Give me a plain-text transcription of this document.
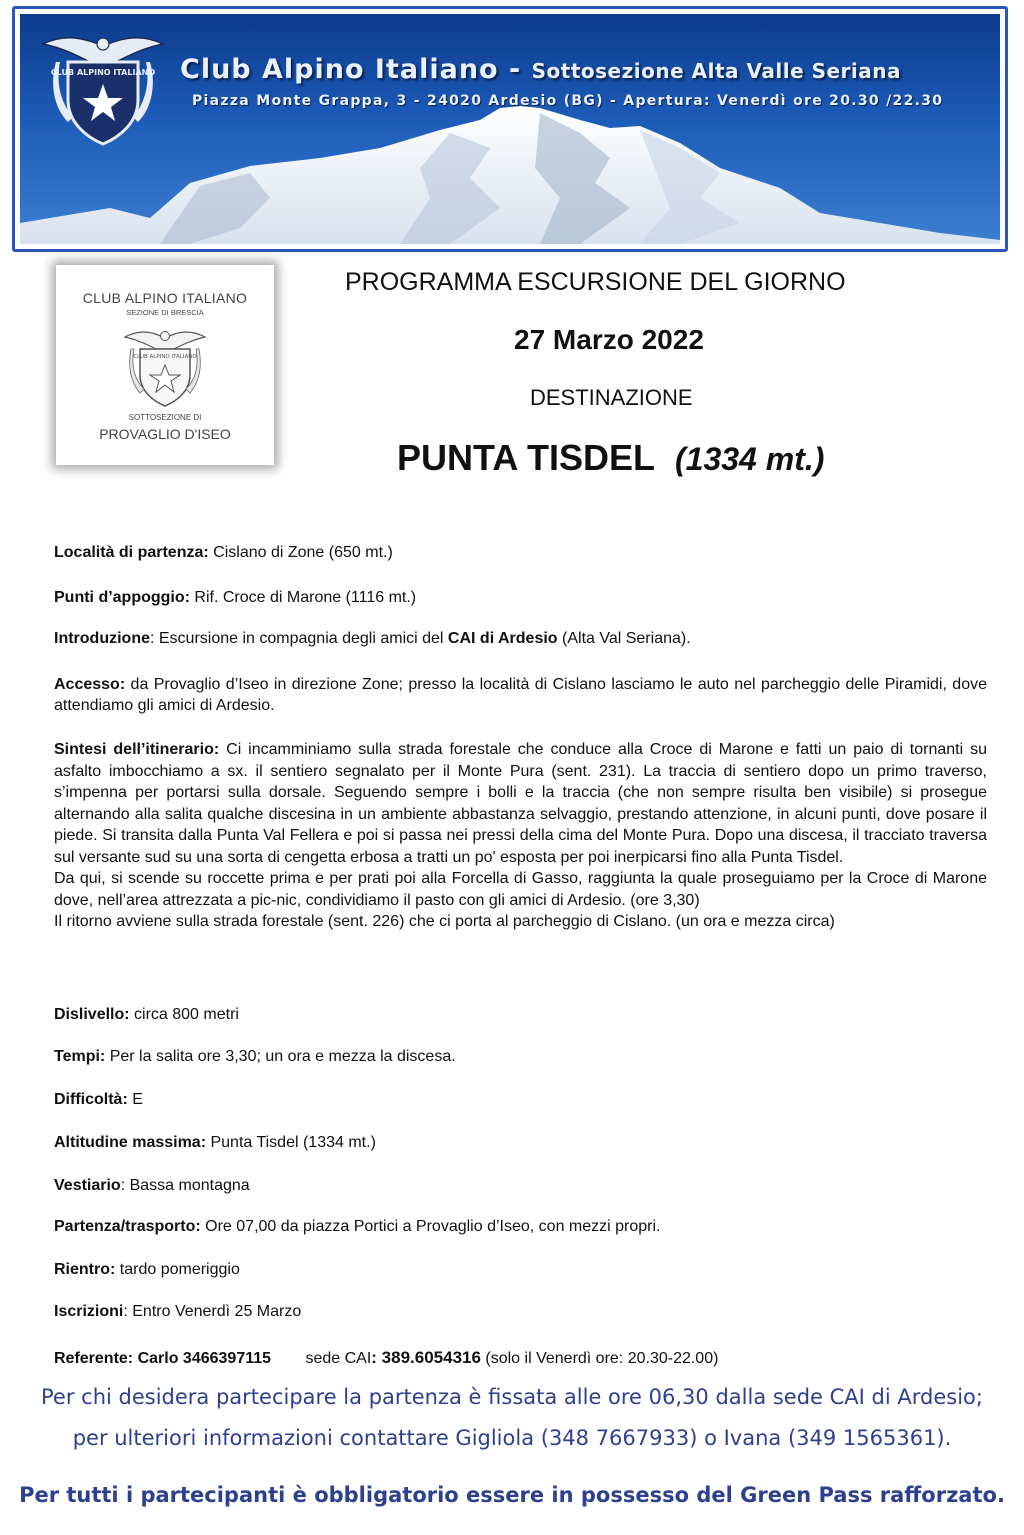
CLUB ALPINO ITALIANO Club Alpino Italiano - Sottosezione Alta Valle Seriana
Piazza Monte Grappa, 3 - 24020 Ardesio (BG) - Apertura: Venerdì ore 20.30 /22.30
CLUB ALPINO ITALIANO
SEZIONE DI BRESCIA
CLUB ALPINO ITALIANO
SOTTOSEZIONE DI
PROVAGLIO D'ISEO
PROGRAMMA ESCURSIONE DEL GIORNO
27 Marzo 2022
DESTINAZIONE
PUNTA TISDEL (1334 mt.)
Località di partenza: Cislano di Zone (650 mt.)
Punti d’appoggio: Rif. Croce di Marone (1116 mt.)
Introduzione: Escursione in compagnia degli amici del CAI di Ardesio (Alta Val Seriana).

Accesso: da Provaglio d’Iseo in direzione Zone; presso la località di Cislano lasciamo le auto nel parcheggio delle Piramidi, dove attendiamo gli amici di Ardesio.

Sintesi dell’itinerario: Ci incamminiamo sulla strada forestale che conduce alla Croce di Marone e fatti un paio di tornanti su asfalto imbocchiamo a sx. il sentiero segnalato per il Monte Pura (sent. 231). La traccia di sentiero dopo un primo traverso, s’impenna per portarsi sulla dorsale. Seguendo sempre i bolli e la traccia (che non sempre risulta ben visibile) si prosegue alternando alla salita qualche discesina in un ambiente abbastanza selvaggio, prestando attenzione, in alcuni punti, dove posare il piede. Si transita dalla Punta Val Fellera e poi si passa nei pressi della cima del Monte Pura. Dopo una discesa, il tracciato traversa sul versante sud su una sorta di cengetta erbosa a tratti un po' esposta per poi inerpicarsi fino alla Punta Tisdel.

Da qui, si scende su roccette prima e per prati poi alla Forcella di Gasso, raggiunta la quale proseguiamo per la Croce di Marone dove, nell’area attrezzata a pic-nic, condividiamo il pasto con gli amici di Ardesio. (ore 3,30)

Il ritorno avviene sulla strada forestale (sent. 226) che ci porta al parcheggio di Cislano. (un ora e mezza circa)

Dislivello: circa 800 metri
Tempi: Per la salita ore 3,30; un ora e mezza la discesa.
Difficoltà: E
Altitudine massima: Punta Tisdel (1334 mt.)
Vestiario: Bassa montagna
Partenza/trasporto: Ore 07,00 da piazza Portici a Provaglio d’Iseo, con mezzi propri.
Rientro: tardo pomeriggio
Iscrizioni: Entro Venerdì 25 Marzo
Referente: Carlo 3466397115 sede CAI: 389.6054316 (solo il Venerdì ore: 20.30-22.00)
Per chi desidera partecipare la partenza è fissata alle ore 06,30 dalla sede CAI di Ardesio;
per ulteriori informazioni contattare Gigliola (348 7667933) o Ivana (349 1565361).
Per tutti i partecipanti è obbligatorio essere in possesso del Green Pass rafforzato.
